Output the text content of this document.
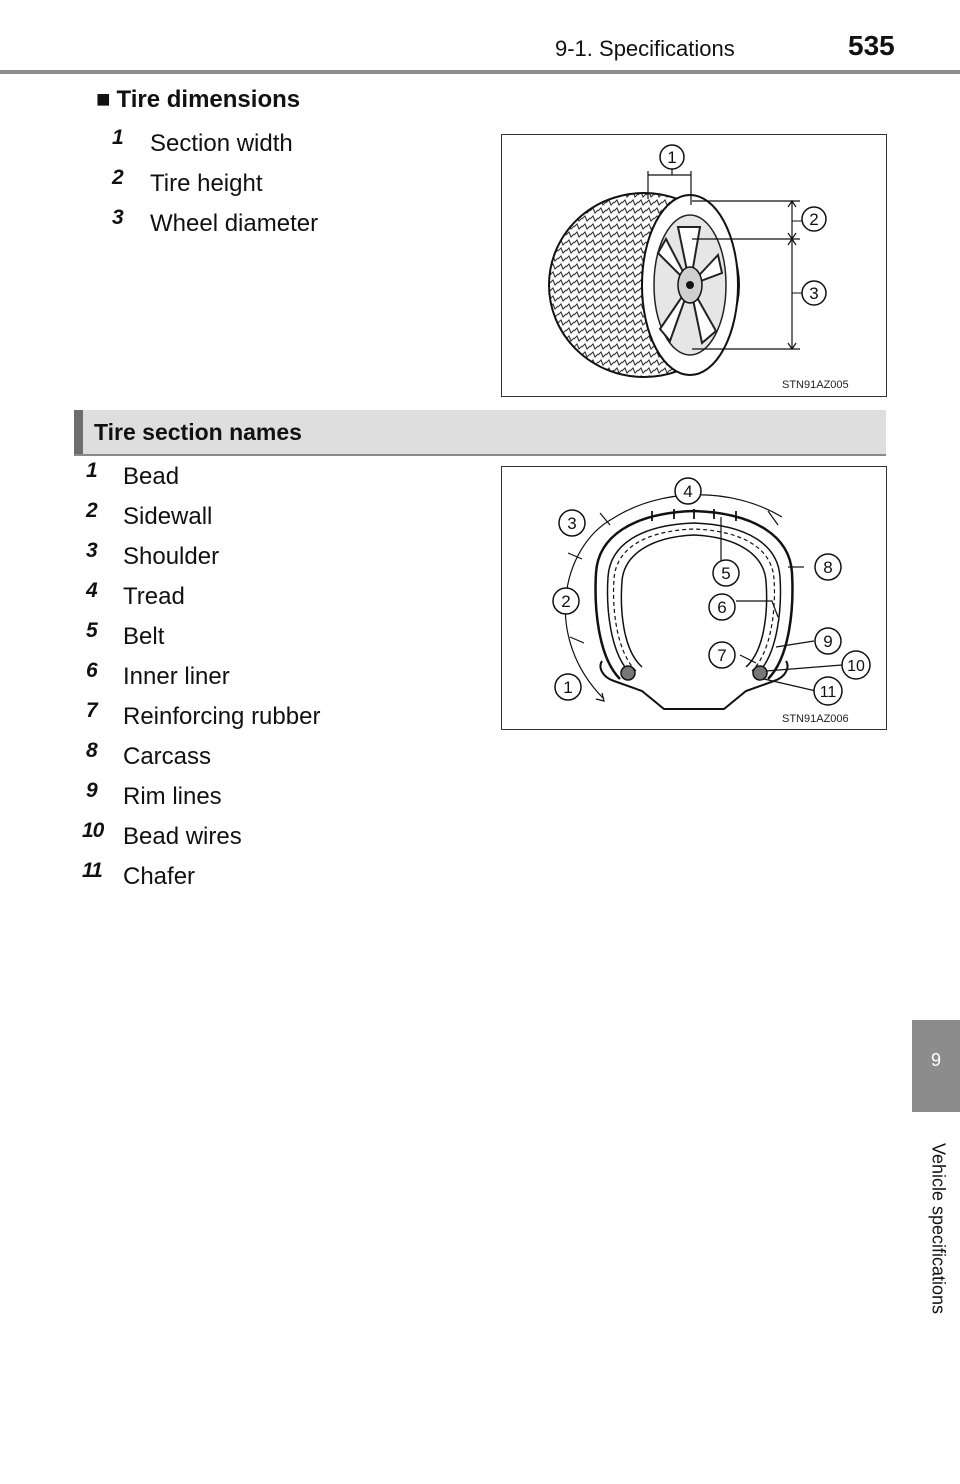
9-1. Specifications	535
■ Tire dimensions
1 Section width
2 Tire height
3 Wheel diameter
1
2
3
STN91AZ005
Tire section names
1 Bead
2 Sidewall
3 Shoulder
4 Tread
5 Belt
6 Inner liner
7 Reinforcing rubber
8 Carcass
9 Rim lines
10 Bead wires
11 Chafer
1
2
3
4
5
6
7
8
9
10
11
STN91AZ006
9
Vehicle specifications
